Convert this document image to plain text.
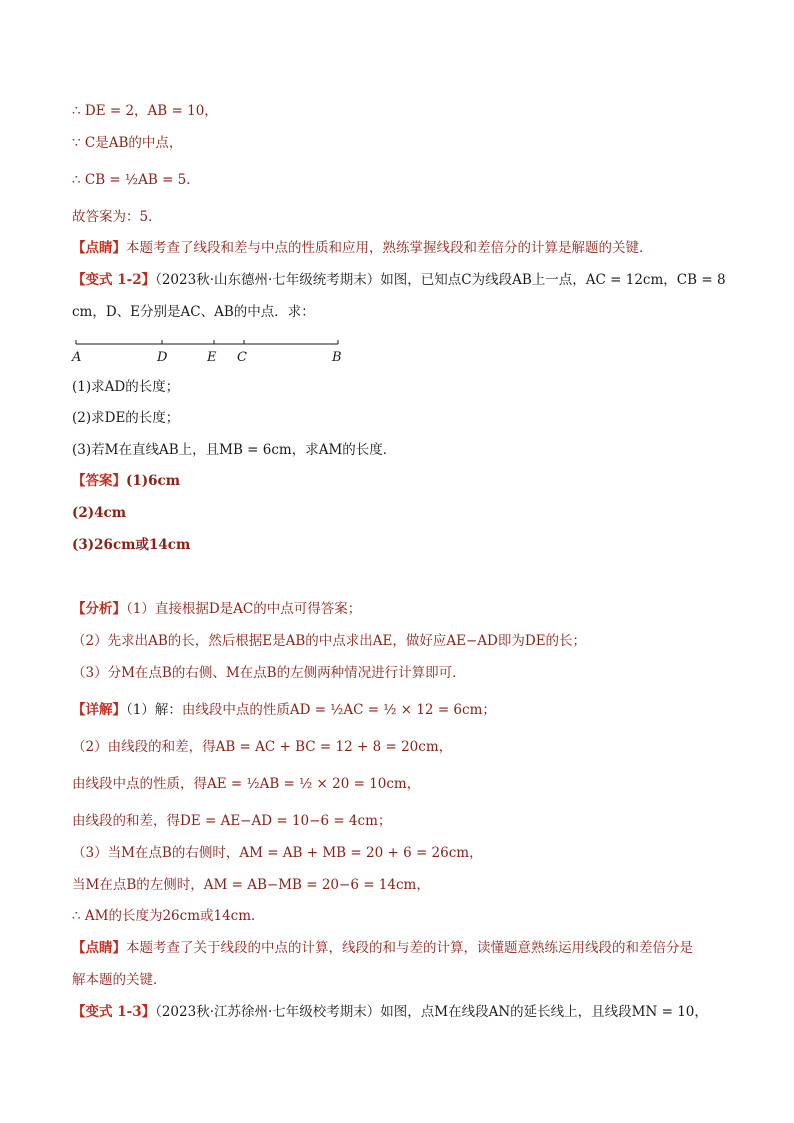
∴ DE = 2，AB = 10，
∵ C是AB的中点，
∴ CB = ½AB = 5．
故答案为：5．
【点睛】本题考查了线段和差与中点的性质和应用，熟练掌握线段和差倍分的计算是解题的关键．
【变式 1-2】（2023秋·山东德州·七年级统考期末）如图，已知点C为线段AB上一点，AC = 12cm，CB = 8
cm，D、E分别是AC、AB的中点．求：
A	D	E C	B
(1)求AD的长度；
(2)求DE的长度；
(3)若M在直线AB上，且MB = 6cm，求AM的长度．
【答案】(1)6cm
(2)4cm
(3)26cm或14cm
【分析】（1）直接根据D是AC的中点可得答案；
（2）先求出AB的长，然后根据E是AB的中点求出AE，做好应AE−AD即为DE的长；
（3）分M在点B的右侧、M在点B的左侧两种情况进行计算即可．
【详解】（1）解：由线段中点的性质AD = ½AC = ½ × 12 = 6cm；
（2）由线段的和差，得AB = AC + BC = 12 + 8 = 20cm，
由线段中点的性质，得AE = ½AB = ½ × 20 = 10cm，
由线段的和差，得DE = AE−AD = 10−6 = 4cm；
（3）当M在点B的右侧时，AM = AB + MB = 20 + 6 = 26cm，
当M在点B的左侧时，AM = AB−MB = 20−6 = 14cm，
∴ AM的长度为26cm或14cm．
【点睛】本题考查了关于线段的中点的计算，线段的和与差的计算，读懂题意熟练运用线段的和差倍分是
解本题的关键．
【变式 1-3】（2023秋·江苏徐州·七年级校考期末）如图，点M在线段AN的延长线上，且线段MN = 10，
